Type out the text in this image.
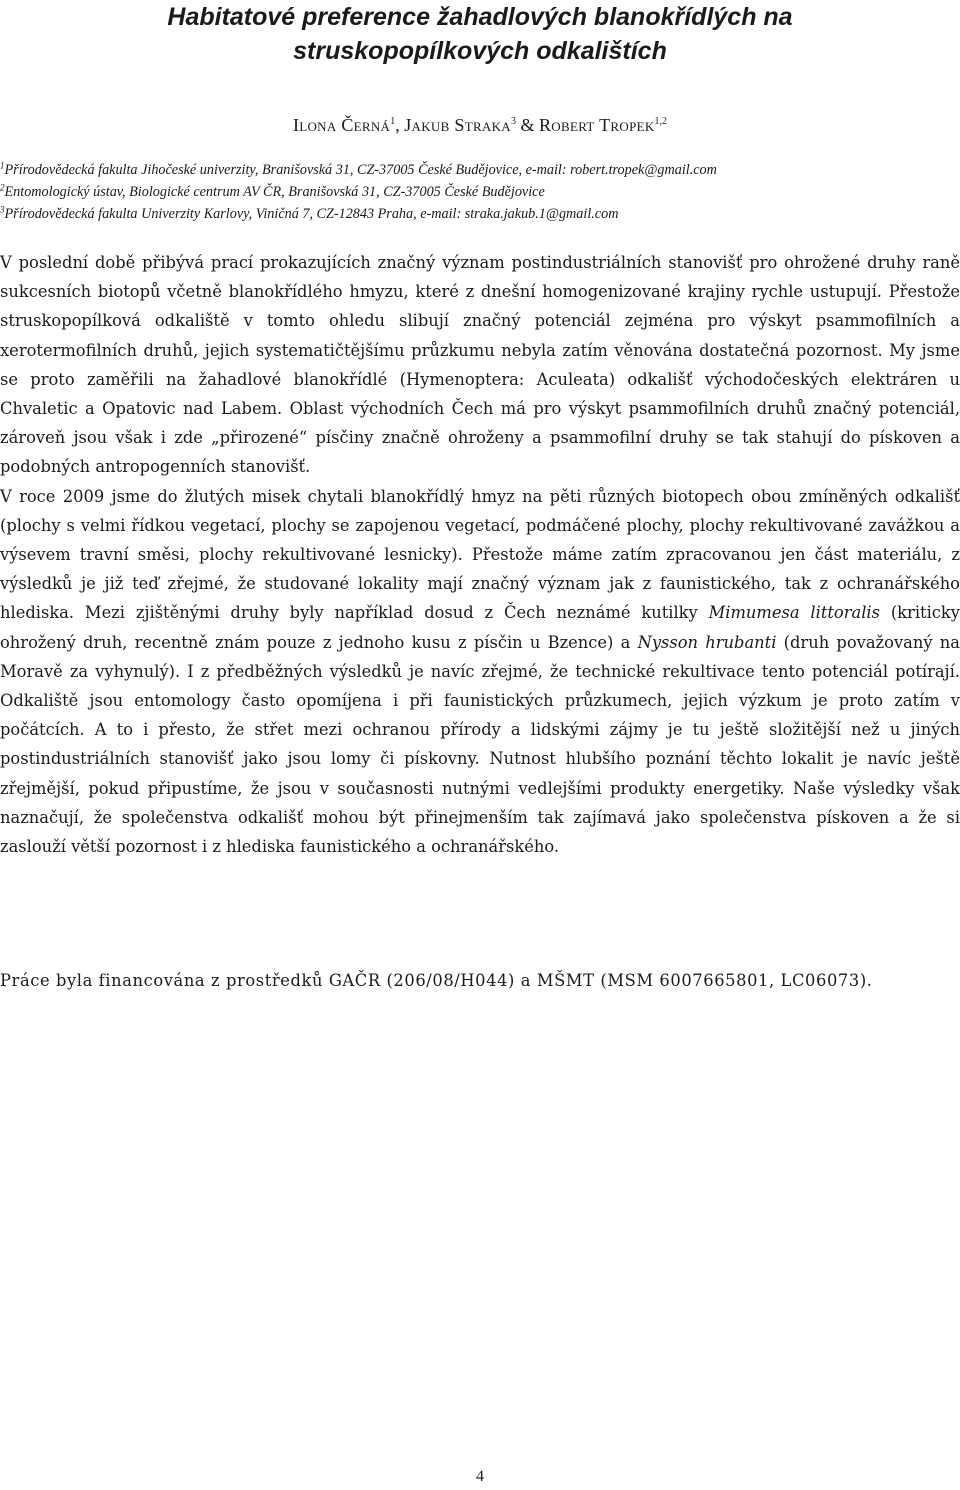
Habitatové preference žahadlových blanokřídlých na
struskopopílkových odkalištích
Ilona Černá$^1$, Jakub Straka$^3$ & Robert Tropek$^{1,2}$
$^1$Přírodovědecká fakulta Jihočeské univerzity, Branišovská 31, CZ-37005 České Budějovice, e-mail: robert.tropek@gmail.com
$^2$Entomologický ústav, Biologické centrum AV ČR, Branišovská 31, CZ-37005 České Budějovice
$^3$Přírodovědecká fakulta Univerzity Karlovy, Viničná 7, CZ-12843 Praha, e-mail: straka.jakub.1@gmail.com

V poslední době přibývá prací prokazujících značný význam postindustriálních stanovišť pro ohrožené druhy raně sukcesních biotopů včetně blanokřídlého hmyzu, které z dnešní homogenizované krajiny rychle ustupují. Přestože struskopopílková odkaliště v tomto ohledu slibují značný potenciál zejména pro výskyt psammofilních a xerotermofilních druhů, jejich systematičtějšímu průzkumu nebyla zatím věnována dostatečná pozornost. My jsme se proto zaměřili na žahadlové blanokřídlé (Hymenoptera: Aculeata) odkališť východočeských elektráren u Chvaletic a Opatovic nad Labem. Oblast východních Čech má pro výskyt psammofilních druhů značný potenciál, zároveň jsou však i zde „přirozené“ písčiny značně ohroženy a psammofilní druhy se tak stahují do pískoven a podobných antropogenních stanovišť.

V roce 2009 jsme do žlutých misek chytali blanokřídlý hmyz na pěti různých biotopech obou zmíněných odkališť (plochy s velmi řídkou vegetací, plochy se zapojenou vegetací, podmáčené plochy, plochy rekultivované zavážkou a výsevem travní směsi, plochy rekultivované lesnicky). Přestože máme zatím zpracovanou jen část materiálu, z výsledků je již teď zřejmé, že studované lokality mají značný význam jak z faunistického, tak z ochranářského hlediska. Mezi zjištěnými druhy byly například dosud z Čech neznámé kutilky Mimumesa littoralis (kriticky ohrožený druh, recentně znám pouze z jednoho kusu z písčin u Bzence) a Nysson hrubanti (druh považovaný na Moravě za vyhynulý). I z předběžných výsledků je navíc zřejmé, že technické rekultivace tento potenciál potírají. Odkaliště jsou entomology často opomíjena i při faunistických průzkumech, jejich výzkum je proto zatím v počátcích. A to i přesto, že střet mezi ochranou přírody a lidskými zájmy je tu ještě složitější než u jiných postindustriálních stanovišť jako jsou lomy či pískovny. Nutnost hlubšího poznání těchto lokalit je navíc ještě zřejmější, pokud připustíme, že jsou v současnosti nutnými vedlejšími produkty energetiky. Naše výsledky však naznačují, že společenstva odkališť mohou být přinejmenším tak zajímavá jako společenstva pískoven a že si zaslouží větší pozornost i z hlediska faunistického a ochranářského.

Práce byla financována z prostředků GAČR (206/08/H044) a MŠMT (MSM 6007665801, LC06073).

4
